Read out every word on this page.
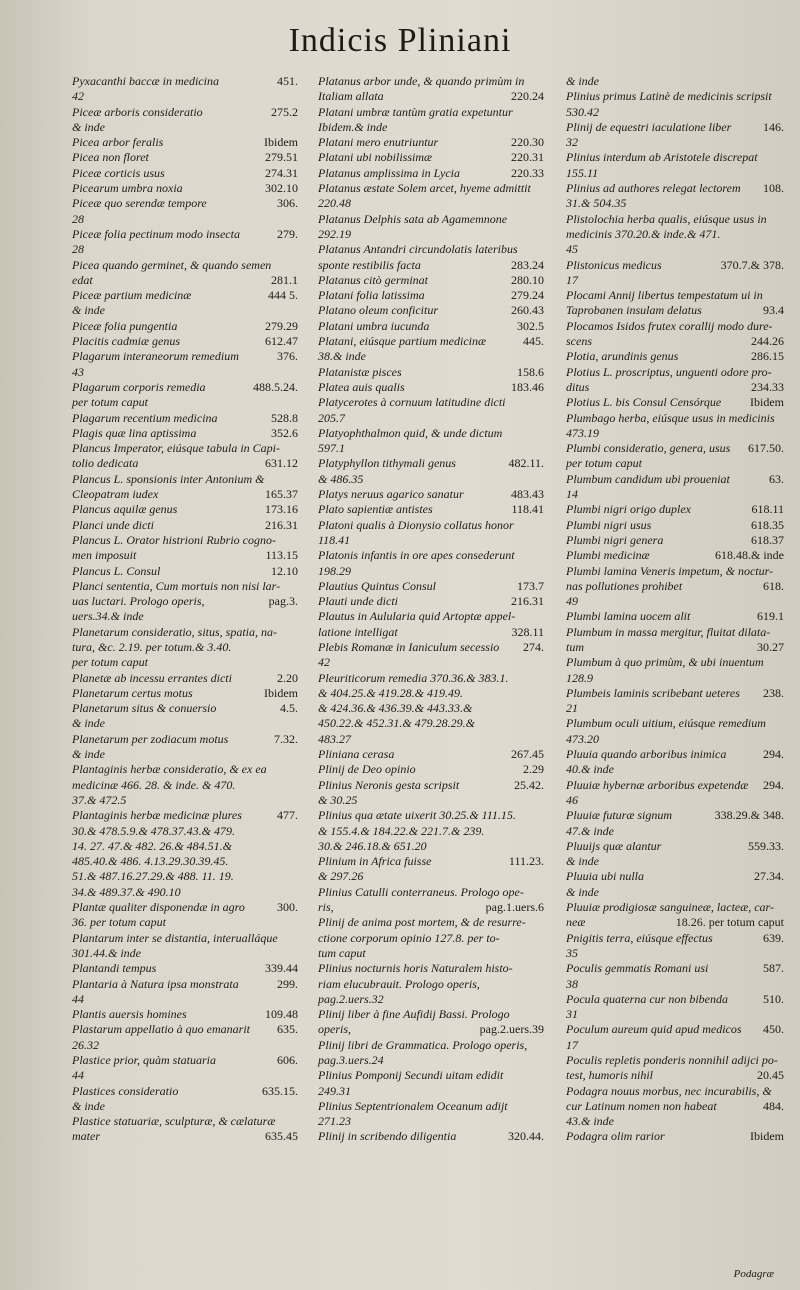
Indicis Pliniani
451.
Pyxacanthi baccæ in medicina
42
275.2
Piceæ arboris consideratio
& inde
Ibidem
Picea arbor feralis
279.51
Picea non floret
274.31
Piceæ corticis usus
302.10
Picearum umbra noxia
306.
Piceæ quo serendæ tempore
28
279.
Piceæ folia pectinum modo insecta
28
Picea quando germinet, & quando semen
281.1
edat
444 5.
Piceæ partium medicinæ
& inde
279.29
Piceæ folia pungentia
612.47
Placitis cadmiæ genus
376.
Plagarum interaneorum remedium
43
488.5.24.
Plagarum corporis remedia
per totum caput
528.8
Plagarum recentium medicina
352.6
Plagis quæ lina aptissima
Plancus Imperator, eiúsque tabula in Capi-
631.12
tolio dedicata
Plancus L. sponsionis inter Antonium &
165.37
Cleopatram iudex
173.16
Plancus aquilæ genus
216.31
Planci unde dicti
Plancus L. Orator histrioni Rubrio cogno-
113.15
men imposuit
12.10
Plancus L. Consul
Planci sententia, Cum mortuis non nisi lar-
pag.3.
uas luctari. Prologo operis,
uers.34.& inde
Planetarum consideratio, situs, spatia, na-
tura, &c. 2.19. per totum.& 3.40.
per totum caput
2.20
Planetæ ab incessu errantes dicti
Ibidem
Planetarum certus motus
4.5.
Planetarum situs & conuersio
& inde
7.32.
Planetarum per zodiacum motus
& inde
Plantaginis herbæ consideratio, & ex ea
medicinæ 466. 28. & inde. & 470.
37.& 472.5
477.
Plantaginis herbæ medicinæ plures
30.& 478.5.9.& 478.37.43.& 479.
14. 27. 47.& 482. 26.& 484.51.&
485.40.& 486. 4.13.29.30.39.45.
51.& 487.16.27.29.& 488. 11. 19.
34.& 489.37.& 490.10
300.
Plantæ qualiter disponendæ in agro
36. per totum caput
Plantarum inter se distantia, interualláque
301.44.& inde
339.44
Plantandi tempus
299.
Plantaria à Natura ipsa monstrata
44
109.48
Plantis auersis homines
635.
Plastarum appellatio à quo emanarit
26.32
606.
Plastice prior, quàm statuaria
44
635.15.
Plastices consideratio
& inde
Plastice statuariæ, sculpturæ, & cælaturæ
635.45
mater
Platanus arbor unde, & quando primùm in
220.24
Italiam allata
Platani umbræ tantùm gratia expetuntur
Ibidem.& inde
220.30
Platani mero enutriuntur
220.31
Platani ubi nobilissimæ
220.33
Platanus amplissima in Lycia
Platanus æstate Solem arcet, hyeme admittit
220.48
Platanus Delphis sata ab Agamemnone
292.19
Platanus Antandri circundolatis lateribus
283.24
sponte restibilis facta
280.10
Platanus citò germinat
279.24
Platani folia latissima
260.43
Platano oleum conficitur
302.5
Platani umbra iucunda
445.
Platani, eiúsque partium medicinæ
38.& inde
158.6
Platanistæ pisces
183.46
Platea auis qualis
Platycerotes à cornuum latitudine dicti
205.7
Platyophthalmon quid, & unde dictum
597.1
482.11.
Platyphyllon tithymali genus
& 486.35
483.43
Platys neruus agarico sanatur
118.41
Plato sapientiæ antistes
Platoni qualis à Dionysio collatus honor
118.41
Platonis infantis in ore apes consederunt
198.29
173.7
Plautius Quintus Consul
216.31
Plauti unde dicti
Plautus in Aulularia quid Artoptæ appel-
328.11
latione intelligat
274.
Plebis Romanæ in Ianiculum secessio
42
Pleuriticorum remedia 370.36.& 383.1.
& 404.25.& 419.28.& 419.49.
& 424.36.& 436.39.& 443.33.&
450.22.& 452.31.& 479.28.29.&
483.27
267.45
Pliniana cerasa
2.29
Plinij de Deo opinio
25.42.
Plinius Neronis gesta scripsit
& 30.25
Plinius qua ætate uixerit 30.25.& 111.15.
& 155.4.& 184.22.& 221.7.& 239.
30.& 246.18.& 651.20
111.23.
Plinium in Africa fuisse
& 297.26
Plinius Catulli conterraneus. Prologo ope-
pag.1.uers.6
ris,
Plinij de anima post mortem, & de resurre-
ctione corporum opinio 127.8. per to-
tum caput
Plinius nocturnis horis Naturalem histo-
riam elucubrauit. Prologo operis,
pag.2.uers.32
Plinij liber à fine Aufidij Bassi. Prologo
pag.2.uers.39
operis,
Plinij libri de Grammatica. Prologo operis,
pag.3.uers.24
Plinius Pomponij Secundi uitam edidit
249.31
Plinius Septentrionalem Oceanum adijt
271.23
320.44.
Plinij in scribendo diligentia
& inde
Plinius primus Latinè de medicinis scripsit
530.42
146.
Plinij de equestri iaculatione liber
32
Plinius interdum ab Aristotele discrepat
155.11
108.
Plinius ad authores relegat lectorem
31.& 504.35
Plistolochia herba qualis, eiúsque usus in
medicinis 370.20.& inde.& 471.
45
370.7.& 378.
Plistonicus medicus
17
Plocami Annij libertus tempestatum ui in
93.4
Taprobanen insulam delatus
Plocamos Isidos frutex corallij modo dure-
244.26
scens
286.15
Plotia, arundinis genus
Plotius L. proscriptus, unguenti odore pro-
234.33
ditus
Ibidem
Plotius L. bis Consul Censórque
Plumbago herba, eiúsque usus in medicinis
473.19
617.50.
Plumbi consideratio, genera, usus
per totum caput
63.
Plumbum candidum ubi proueniat
14
618.11
Plumbi nigri origo duplex
618.35
Plumbi nigri usus
618.37
Plumbi nigri genera
618.48.& inde
Plumbi medicinæ
Plumbi lamina Veneris impetum, & noctur-
618.
nas pollutiones prohibet
49
619.1
Plumbi lamina uocem alit
Plumbum in massa mergitur, fluitat dilata-
30.27
tum
Plumbum à quo primùm, & ubi inuentum
128.9
238.
Plumbeis laminis scribebant ueteres
21
Plumbum oculi uitium, eiúsque remedium
473.20
294.
Pluuia quando arboribus inimica
40.& inde
294.
Pluuiæ hybernæ arboribus expetendæ
46
338.29.& 348.
Pluuiæ futuræ signum
47.& inde
559.33.
Pluuijs quæ alantur
& inde
27.34.
Pluuia ubi nulla
& inde
Pluuiæ prodigiosæ sanguineæ, lacteæ, car-
18.26. per totum caput
neæ
639.
Pnigitis terra, eiúsque effectus
35
587.
Poculis gemmatis Romani usi
38
510.
Pocula quaterna cur non bibenda
31
450.
Poculum aureum quid apud medicos
17
Poculis repletis ponderis nonnihil adijci po-
20.45
test, humoris nihil
Podagra nouus morbus, nec incurabilis, &
484.
cur Latinum nomen non habeat
43.& inde
Ibidem
Podagra olim rarior
Podagræ
